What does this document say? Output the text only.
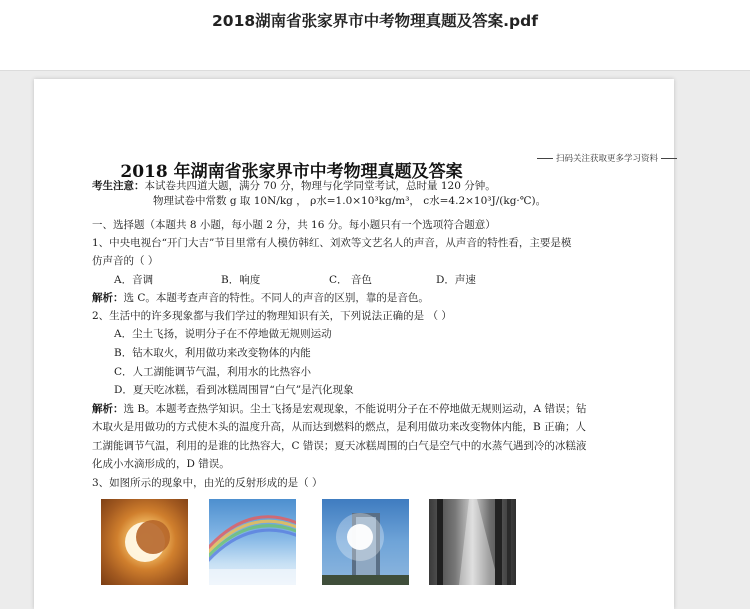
2018湖南省张家界市中考物理真题及答案.pdf
扫码关注获取更多学习资料
2018 年湖南省张家界市中考物理真题及答案
考生注意：本试卷共四道大题，满分 70 分，物理与化学同堂考试，总时量 120 分钟。
物理试卷中常数 g 取 10N/kg ， ρ水=1.0×10³kg/m³， c水=4.2×10³J/(kg·℃)。
一、选择题（本题共 8 小题，每小题 2 分，共 16 分。每小题只有一个选项符合题意）
1、中央电视台“开门大吉”节目里常有人模仿韩红、刘欢等文艺名人的声音，从声音的特性看，主要是模
仿声音的（ ）
A．音调	B．响度	C． 音色	D．声速
解析：选 C。本题考查声音的特性。不同人的声音的区别，靠的是音色。
2、生活中的许多现象都与我们学过的物理知识有关，下列说法正确的是 （ ）
A．尘土飞扬，说明分子在不停地做无规则运动
B．钻木取火，利用做功来改变物体的内能
C．人工湖能调节气温，利用水的比热容小
D．夏天吃冰糕，看到冰糕周围冒“白气”是汽化现象
解析：选 B。本题考查热学知识。尘土飞扬是宏观现象，不能说明分子在不停地做无规则运动，A 错误；钻
木取火是用做功的方式使木头的温度升高，从而达到燃料的燃点，是利用做功来改变物体内能，B 正确；人
工湖能调节气温，利用的是谁的比热容大，C 错误；夏天冰糕周围的白气是空气中的水蒸气遇到冷的冰糕液
化成小水滴形成的，D 错误。
3、如图所示的现象中，由光的反射形成的是（ ）
